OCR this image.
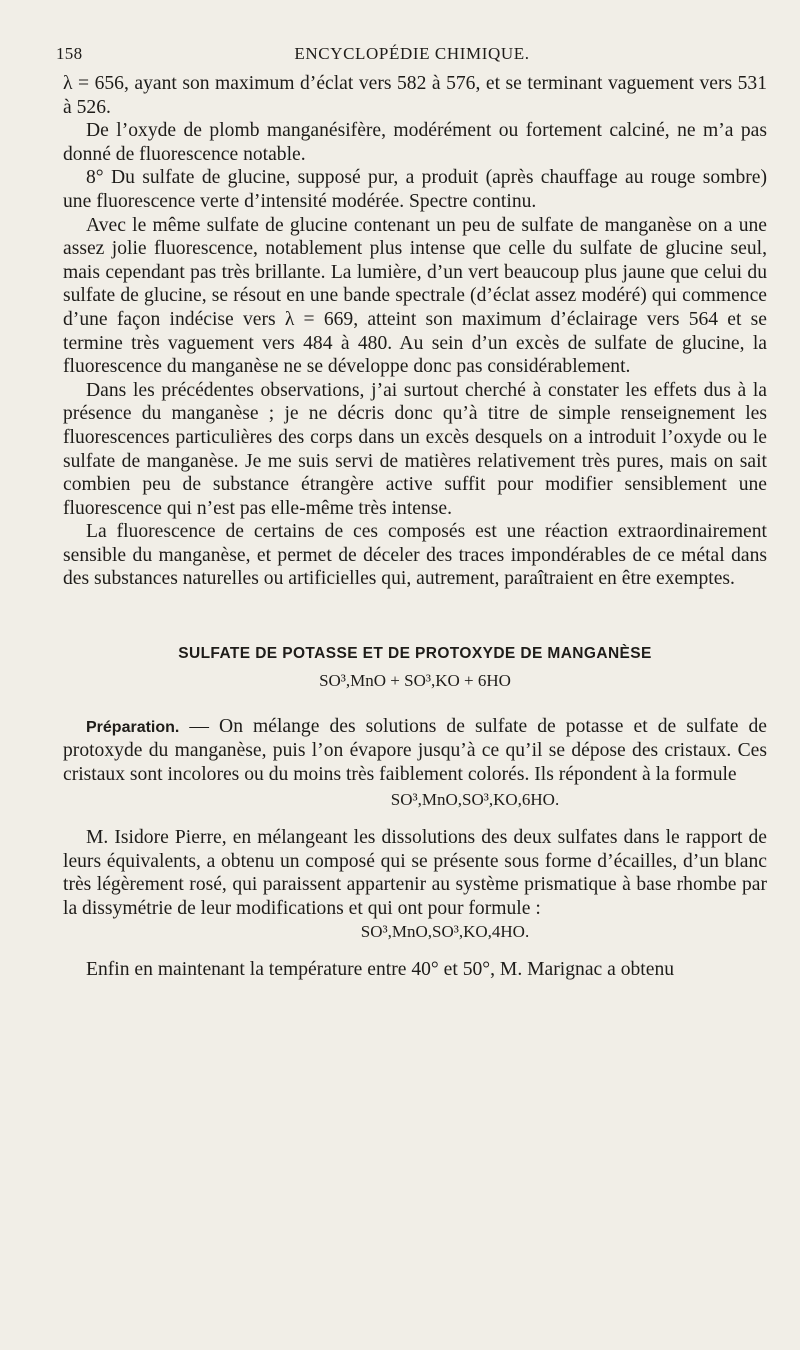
158	ENCYCLOPÉDIE CHIMIQUE.

λ = 656, ayant son maximum d’éclat vers 582 à 576, et se terminant vaguement vers 531 à 526.

De l’oxyde de plomb manganésifère, modérément ou fortement calciné, ne m’a pas donné de fluorescence notable.

8° Du sulfate de glucine, supposé pur, a produit (après chauffage au rouge sombre) une fluorescence verte d’intensité modérée. Spectre continu.

Avec le même sulfate de glucine contenant un peu de sulfate de manganèse on a une assez jolie fluorescence, notablement plus intense que celle du sulfate de glucine seul, mais cependant pas très brillante. La lumière, d’un vert beaucoup plus jaune que celui du sulfate de glucine, se résout en une bande spectrale (d’éclat assez modéré) qui commence d’une façon indécise vers λ = 669, atteint son maximum d’éclairage vers 564 et se termine très vaguement vers 484 à 480. Au sein d’un excès de sulfate de glucine, la fluorescence du manganèse ne se développe donc pas considérablement.

Dans les précédentes observations, j’ai surtout cherché à constater les effets dus à la présence du manganèse ; je ne décris donc qu’à titre de simple renseignement les fluorescences particulières des corps dans un excès desquels on a introduit l’oxyde ou le sulfate de manganèse. Je me suis servi de matières relativement très pures, mais on sait combien peu de substance étrangère active suffit pour modifier sensiblement une fluorescence qui n’est pas elle-même très intense.

La fluorescence de certains de ces composés est une réaction extraordinairement sensible du manganèse, et permet de déceler des traces impondérables de ce métal dans des substances naturelles ou artificielles qui, autrement, paraîtraient en être exemptes.

SULFATE DE POTASSE ET DE PROTOXYDE DE MANGANÈSE

SO³,MnO + SO³,KO + 6HO

Préparation. — On mélange des solutions de sulfate de potasse et de sulfate de protoxyde du manganèse, puis l’on évapore jusqu’à ce qu’il se dépose des cristaux. Ces cristaux sont incolores ou du moins très faiblement colorés. Ils répondent à la formule

SO³,MnO,SO³,KO,6HO.

M. Isidore Pierre, en mélangeant les dissolutions des deux sulfates dans le rapport de leurs équivalents, a obtenu un composé qui se présente sous forme d’écailles, d’un blanc très légèrement rosé, qui paraissent appartenir au système prismatique à base rhombe par la dissymétrie de leur modifications et qui ont pour formule :

SO³,MnO,SO³,KO,4HO.

Enfin en maintenant la température entre 40° et 50°, M. Marignac a obtenu
